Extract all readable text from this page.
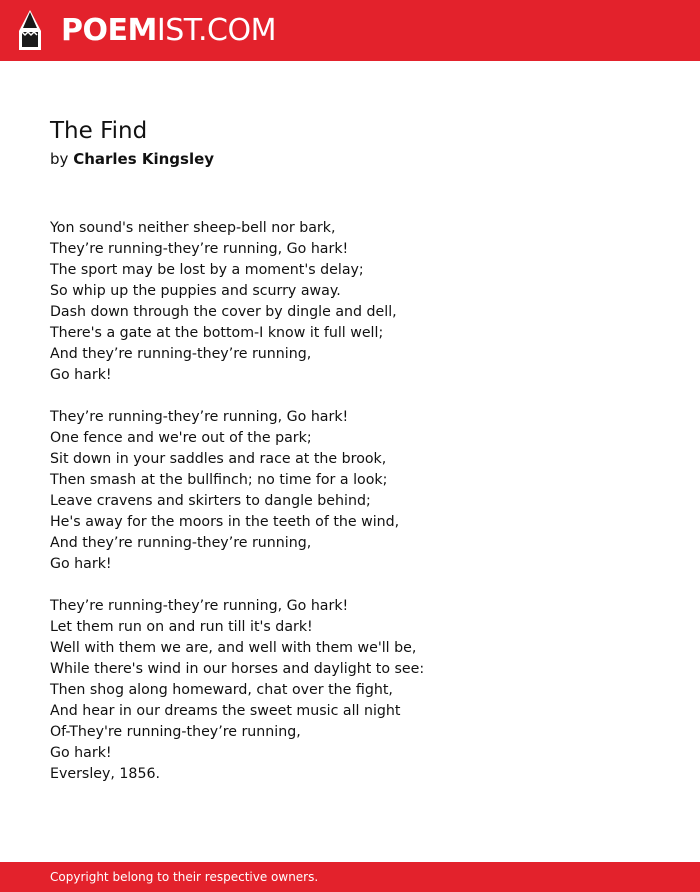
POEMIST.COM
The Find
by Charles Kingsley
Yon sound's neither sheep-bell nor bark,
They’re running-they’re running, Go hark!
The sport may be lost by a moment's delay;
So whip up the puppies and scurry away.
Dash down through the cover by dingle and dell,
There's a gate at the bottom-I know it full well;
And they’re running-they’re running,
Go hark!
They’re running-they’re running, Go hark!
One fence and we're out of the park;
Sit down in your saddles and race at the brook,
Then smash at the bullfinch; no time for a look;
Leave cravens and skirters to dangle behind;
He's away for the moors in the teeth of the wind,
And they’re running-they’re running,
Go hark!
They’re running-they’re running, Go hark!
Let them run on and run till it's dark!
Well with them we are, and well with them we'll be,
While there's wind in our horses and daylight to see:
Then shog along homeward, chat over the fight,
And hear in our dreams the sweet music all night
Of-They're running-they’re running,
Go hark!
Eversley, 1856.
Copyright belong to their respective owners.
